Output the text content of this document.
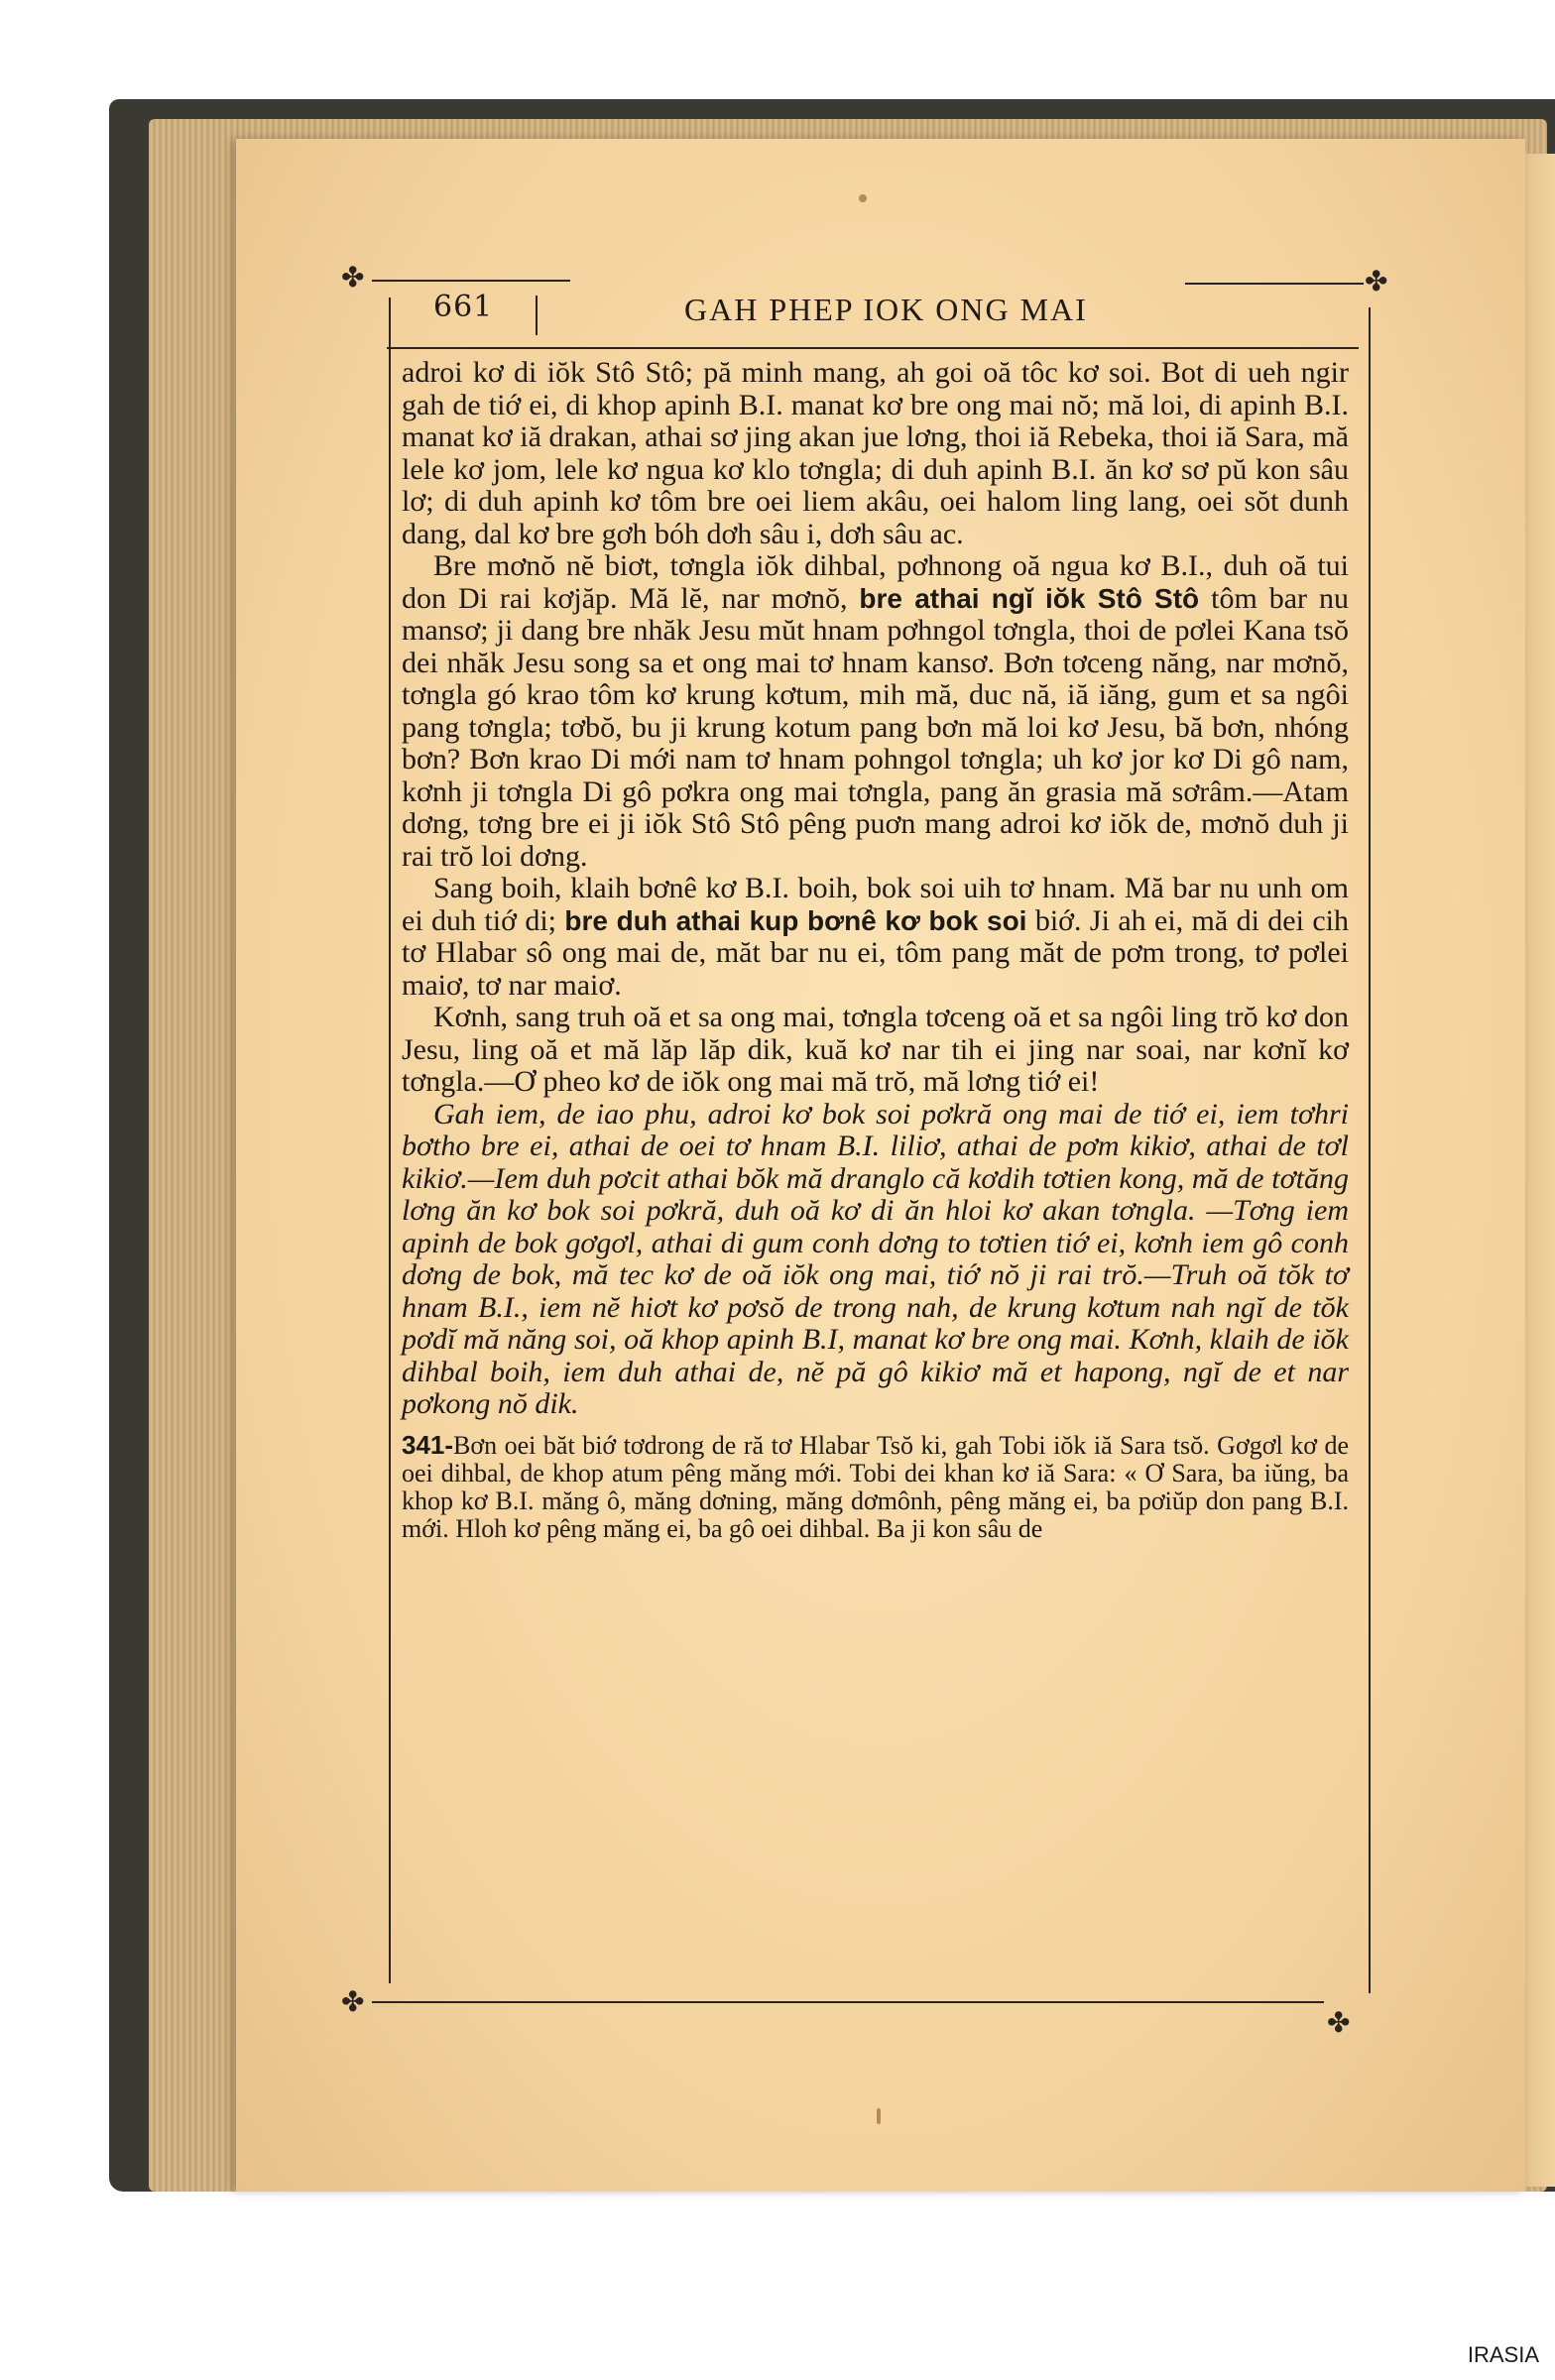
✤	✤
✤
✤
661	GAH PHEP IOK ONG MAI

adroi kơ di iŏk Stô Stô; pă minh mang, ah goi oă tôc kơ soi. Bot di ueh ngir gah de tiớ ei, di khop apinh B.I. manat kơ bre ong mai nŏ; mă loi, di apinh B.I. manat kơ iă drakan, athai sơ jing akan jue lơng, thoi iă Rebeka, thoi iă Sara, mă lele kơ jom, lele kơ ngua kơ klo tơngla; di duh apinh B.I. ăn kơ sơ pŭ kon sâu lơ; di duh apinh kơ tôm bre oei liem akâu, oei halom ling lang, oei sŏt dunh dang, dal kơ bre gơh bóh dơh sâu i, dơh sâu ac.

Bre mơnŏ nĕ biơt, tơngla iŏk dihbal, pơhnong oă ngua kơ B.I., duh oă tui don Di rai kơjăp. Mă lĕ, nar mơnŏ, bre athai ngĭ iŏk Stô Stô tôm bar nu mansơ; ji dang bre nhăk Jesu mŭt hnam pơhngol tơngla, thoi de pơlei Kana tsŏ dei nhăk Jesu song sa et ong mai tơ hnam kansơ. Bơn tơceng năng, nar mơnŏ, tơngla gó krao tôm kơ krung kơtum, mih mă, duc nă, iă iăng, gum et sa ngôi pang tơngla; tơbŏ, bu ji krung kotum pang bơn mă loi kơ Jesu, bă bơn, nhóng bơn? Bơn krao Di mới nam tơ hnam pohngol tơngla; uh kơ jor kơ Di gô nam, kơnh ji tơngla Di gô pơkra ong mai tơngla, pang ăn grasia mă sơrâm.—Atam dơng, tơng bre ei ji iŏk Stô Stô pêng puơn mang adroi kơ iŏk de, mơnŏ duh ji rai trŏ loi dơng.

Sang boih, klaih bơnê kơ B.I. boih, bok soi uih tơ hnam. Mă bar nu unh om ei duh tiớ di; bre duh athai kup bơnê kơ bok soi biớ. Ji ah ei, mă di dei cih tơ Hlabar sô ong mai de, măt bar nu ei, tôm pang măt de pơm trong, tơ pơlei maiơ, tơ nar maiơ.

Kơnh, sang truh oă et sa ong mai, tơngla tơceng oă et sa ngôi ling trŏ kơ don Jesu, ling oă et mă lăp lăp dik, kuă kơ nar tih ei jing nar soai, nar kơnĭ kơ tơngla.—Ơ pheo kơ de iŏk ong mai mă trŏ, mă lơng tiớ ei!

Gah iem, de iao phu, adroi kơ bok soi pơkră ong mai de tiớ ei, iem tơhri bơtho bre ei, athai de oei tơ hnam B.I. liliơ, athai de pơm kikiơ, athai de tơl kikiơ.—Iem duh pơcit athai bŏk mă dranglo că kơdih tơtien kong, mă de tơtăng lơng ăn kơ bok soi pơkră, duh oă kơ di ăn hloi kơ akan tơngla. —Tơng iem apinh de bok gơgơl, athai di gum conh dơng to tơtien tiớ ei, kơnh iem gô conh dơng de bok, mă tec kơ de oă iŏk ong mai, tiớ nŏ ji rai trŏ.—Truh oă tŏk tơ hnam B.I., iem nĕ hiơt kơ pơsŏ de trong nah, de krung kơtum nah ngĭ de tŏk pơdĭ mă năng soi, oă khop apinh B.I, manat kơ bre ong mai. Kơnh, klaih de iŏk dihbal boih, iem duh athai de, nĕ pă gô kikiơ mă et hapong, ngĭ de et nar pơkong nŏ dik.

341-Bơn oei băt biớ tơdrong de ră tơ Hlabar Tsŏ ki, gah Tobi iŏk iă Sara tsŏ. Gơgơl kơ de oei dihbal, de khop atum pêng măng mới. Tobi dei khan kơ iă Sara: « Ơ Sara, ba iŭng, ba khop kơ B.I. măng ô, măng dơning, măng dơmônh, pêng măng ei, ba pơiŭp don pang B.I. mới. Hloh kơ pêng măng ei, ba gô oei dihbal. Ba ji kon sâu de

IRASIA
